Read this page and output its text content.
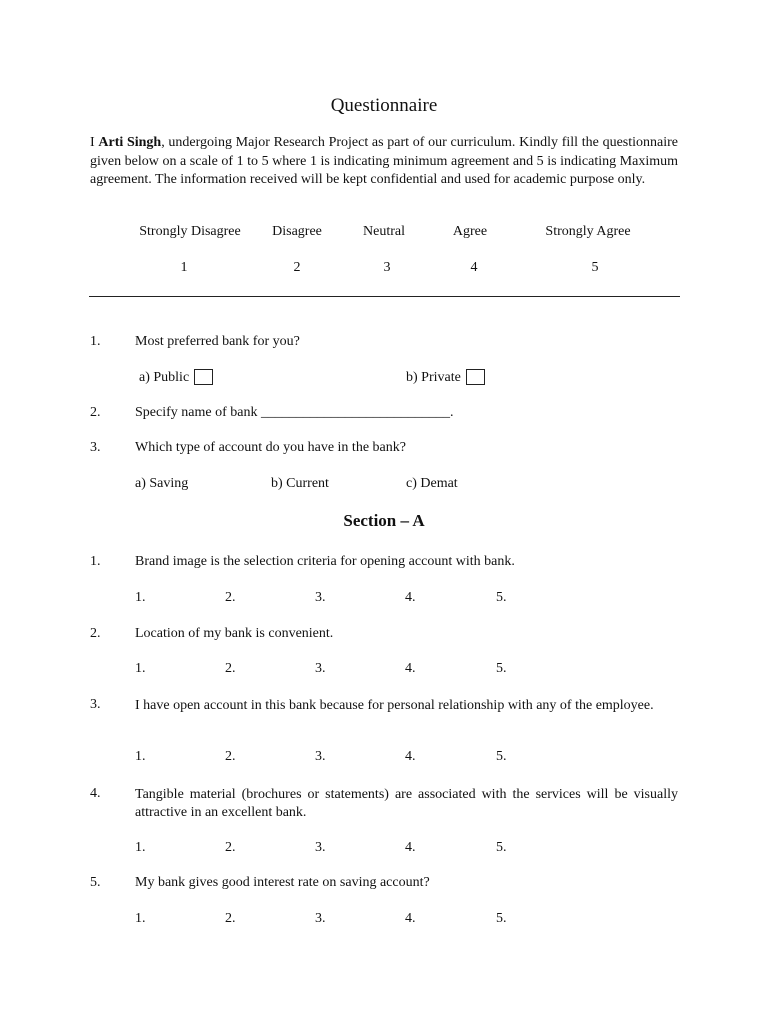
Questionnaire
I Arti Singh, undergoing Major Research Project as part of our curriculum. Kindly fill the questionnaire given below on a scale of 1 to 5 where 1 is indicating minimum agreement and 5 is indicating Maximum agreement. The information received will be kept confidential and used for academic purpose only.
Strongly Disagree Disagree	Neutral	Agree	Strongly Agree
1	2	3	4	5
1. Most preferred bank for you?
a) Public	b) Private
2. Specify name of bank ___________________________.
3. Which type of account do you have in the bank?
a) Saving	b) Current	c) Demat
Section – A
1. Brand image is the selection criteria for opening account with bank.
1.	2.	3.	4.	5.
2. Location of my bank is convenient.
1.	2.	3.	4.	5.
3. I have open account in this bank because for personal relationship with any of the employee.
1.	2.	3.	4.	5.
4. Tangible material (brochures or statements) are associated with the services will be visually attractive in an excellent bank.
1.	2.	3.	4.	5.
5. My bank gives good interest rate on saving account?
1.	2.	3.	4.	5.
